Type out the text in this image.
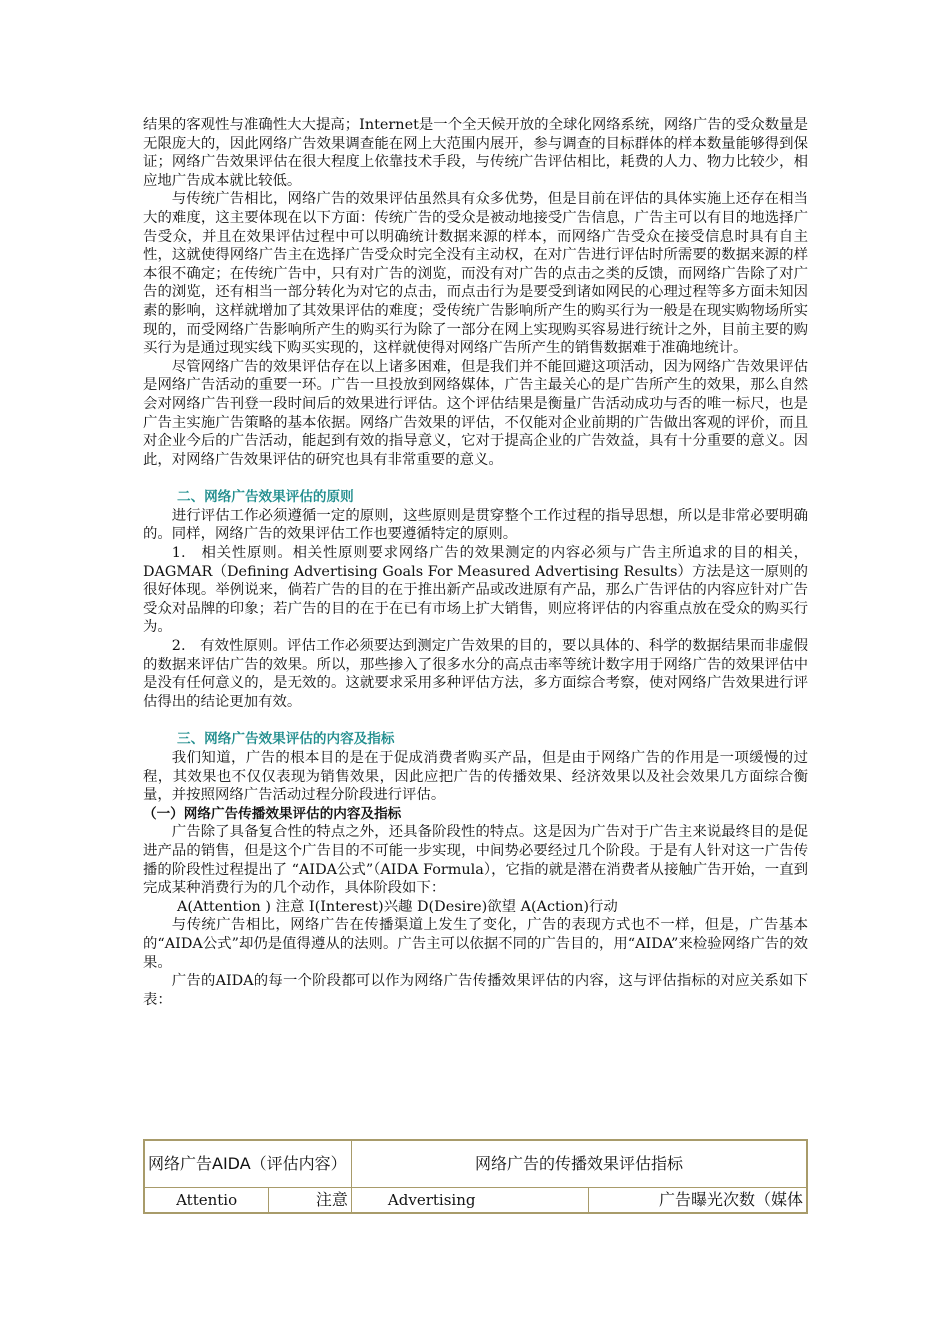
结果的客观性与准确性大大提高；Internet是一个全天候开放的全球化网络系统，网络广告的受众数量是无限庞大的，因此网络广告效果调查能在网上大范围内展开，参与调查的目标群体的样本数量能够得到保证；网络广告效果评估在很大程度上依靠技术手段，与传统广告评估相比，耗费的人力、物力比较少，相应地广告成本就比较低。

与传统广告相比，网络广告的效果评估虽然具有众多优势，但是目前在评估的具体实施上还存在相当大的难度，这主要体现在以下方面：传统广告的受众是被动地接受广告信息，广告主可以有目的地选择广告受众，并且在效果评估过程中可以明确统计数据来源的样本，而网络广告受众在接受信息时具有自主性，这就使得网络广告主在选择广告受众时完全没有主动权，在对广告进行评估时所需要的数据来源的样本很不确定；在传统广告中，只有对广告的浏览，而没有对广告的点击之类的反馈，而网络广告除了对广告的浏览，还有相当一部分转化为对它的点击，而点击行为是要受到诸如网民的心理过程等多方面未知因素的影响，这样就增加了其效果评估的难度；受传统广告影响所产生的购买行为一般是在现实购物场所实现的，而受网络广告影响所产生的购买行为除了一部分在网上实现购买容易进行统计之外，目前主要的购买行为是通过现实线下购买实现的，这样就使得对网络广告所产生的销售数据难于准确地统计。

尽管网络广告的效果评估存在以上诸多困难，但是我们并不能回避这项活动，因为网络广告效果评估是网络广告活动的重要一环。广告一旦投放到网络媒体，广告主最关心的是广告所产生的效果，那么自然会对网络广告刊登一段时间后的效果进行评估。这个评估结果是衡量广告活动成功与否的唯一标尺，也是广告主实施广告策略的基本依据。网络广告效果的评估，不仅能对企业前期的广告做出客观的评价，而且对企业今后的广告活动，能起到有效的指导意义，它对于提高企业的广告效益，具有十分重要的意义。因此，对网络广告效果评估的研究也具有非常重要的意义。

二、网络广告效果评估的原则

进行评估工作必须遵循一定的原则，这些原则是贯穿整个工作过程的指导思想，所以是非常必要明确的。同样，网络广告的效果评估工作也要遵循特定的原则。

1.　相关性原则。相关性原则要求网络广告的效果测定的内容必须与广告主所追求的目的相关，DAGMAR（Defining Advertising Goals For Measured Advertising Results）方法是这一原则的很好体现。举例说来，倘若广告的目的在于推出新产品或改进原有产品，那么广告评估的内容应针对广告受众对品牌的印象；若广告的目的在于在已有市场上扩大销售，则应将评估的内容重点放在受众的购买行为。

2.　有效性原则。评估工作必须要达到测定广告效果的目的，要以具体的、科学的数据结果而非虚假的数据来评估广告的效果。所以，那些掺入了很多水分的高点击率等统计数字用于网络广告的效果评估中是没有任何意义的，是无效的。这就要求采用多种评估方法，多方面综合考察，使对网络广告效果进行评估得出的结论更加有效。

三、网络广告效果评估的内容及指标

我们知道，广告的根本目的是在于促成消费者购买产品，但是由于网络广告的作用是一项缓慢的过程，其效果也不仅仅表现为销售效果，因此应把广告的传播效果、经济效果以及社会效果几方面综合衡量，并按照网络广告活动过程分阶段进行评估。

（一）网络广告传播效果评估的内容及指标

广告除了具备复合性的特点之外，还具备阶段性的特点。这是因为广告对于广告主来说最终目的是促进产品的销售，但是这个广告目的不可能一步实现，中间势必要经过几个阶段。于是有人针对这一广告传播的阶段性过程提出了 “AIDA公式”（AIDA Formula），它指的就是潜在消费者从接触广告开始，一直到完成某种消费行为的几个动作，具体阶段如下：

A(Attention ) 注意 I(Interest)兴趣 D(Desire)欲望 A(Action)行动

与传统广告相比，网络广告在传播渠道上发生了变化，广告的表现方式也不一样，但是，广告基本的“AIDA公式”却仍是值得遵从的法则。广告主可以依据不同的广告目的，用“AIDA”来检验网络广告的效果。

广告的AIDA的每一个阶段都可以作为网络广告传播效果评估的内容，这与评估指标的对应关系如下表：

网络广告AIDA（评估内容）		网络广告的传播效果评估指标	
Attentio	注意	Advertising	广告曝光次数（媒体
